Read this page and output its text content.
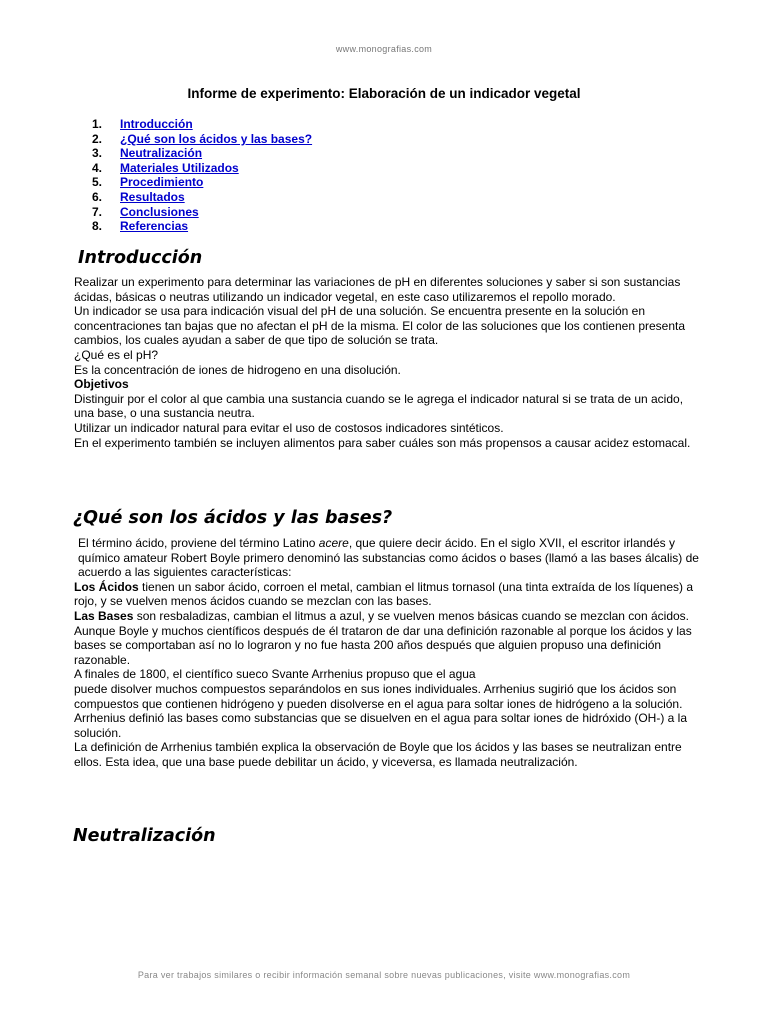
www.monografias.com
Informe de experimento: Elaboración de un indicador vegetal
1. Introducción
2. ¿Qué son los ácidos y las bases?
3. Neutralización
4. Materiales Utilizados
5. Procedimiento
6. Resultados
7. Conclusiones
8. Referencias
Introducción

Realizar un experimento para determinar las variaciones de pH en diferentes soluciones y saber si son sustancias ácidas, básicas o neutras utilizando un indicador vegetal, en este caso utilizaremos el repollo morado.

Un indicador se usa para indicación visual del pH de una solución. Se encuentra presente en la solución en concentraciones tan bajas que no afectan el pH de la misma. El color de las soluciones que los contienen presenta cambios, los cuales ayudan a saber de que tipo de solución se trata.

¿Qué es el pH?

Es la concentración de iones de hidrogeno en una disolución.

Objetivos

Distinguir por el color al que cambia una sustancia cuando se le agrega el indicador natural si se trata de un acido, una base, o una sustancia neutra.

Utilizar un indicador natural para evitar el uso de costosos indicadores sintéticos.

En el experimento también se incluyen alimentos para saber cuáles son más propensos a causar acidez estomacal.

¿Qué son los ácidos y las bases?

El término ácido, proviene del término Latino acere, que quiere decir ácido. En el siglo XVII, el escritor irlandés y químico amateur Robert Boyle primero denominó las substancias como ácidos o bases (llamó a las bases álcalis) de acuerdo a las siguientes características:

Los Ácidos tienen un sabor ácido, corroen el metal, cambian el litmus tornasol (una tinta extraída de los líquenes) a rojo, y se vuelven menos ácidos cuando se mezclan con las bases.

Las Bases son resbaladizas, cambian el litmus a azul, y se vuelven menos básicas cuando se mezclan con ácidos.

Aunque Boyle y muchos científicos después de él trataron de dar una definición razonable al porque los ácidos y las bases se comportaban así no lo lograron y no fue hasta 200 años después que alguien propuso una definición razonable.

A finales de 1800, el científico sueco Svante Arrhenius propuso que el agua

puede disolver muchos compuestos separándolos en sus iones individuales. Arrhenius sugirió que los ácidos son compuestos que contienen hidrógeno y pueden disolverse en el agua para soltar iones de hidrógeno a la solución.

Arrhenius definió las bases como substancias que se disuelven en el agua para soltar iones de hidróxido (OH-) a la solución.

La definición de Arrhenius también explica la observación de Boyle que los ácidos y las bases se neutralizan entre ellos. Esta idea, que una base puede debilitar un ácido, y viceversa, es llamada neutralización.

Neutralización
Para ver trabajos similares o recibir información semanal sobre nuevas publicaciones, visite www.monografias.com
